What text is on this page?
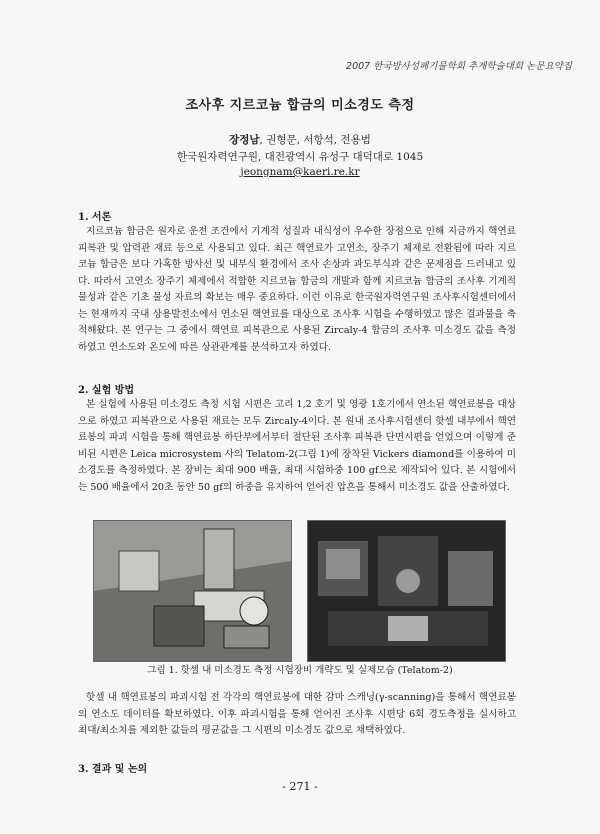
2007 한국방사성폐기물학회 추계학술대회 논문요약집
조사후 지르코늄 합금의 미소경도 측정
장정남, 권형문, 서항석, 전용범
한국원자력연구원, 대전광역시 유성구 대덕대로 1045
jeongnam@kaeri.re.kr
1. 서론
지르코늄 합금은 원자로 운전 조건에서 기계적 성질과 내식성이 우수한 장점으로 인해 지금까지 핵연료 피복관 및 압력관 재료 등으로 사용되고 있다. 최근 핵연료가 고연소, 장주기 체제로 전환됨에 따라 지르코늄 합금은 보다 가혹한 방사선 및 내부식 환경에서 조사 손상과 과도부식과 같은 문제점을 드러내고 있다. 따라서 고연소 장주기 체제에서 적합한 지르코늄 합금의 개발과 함께 지르코늄 합금의 조사후 기계적 물성과 같은 기초 물성 자료의 확보는 매우 중요하다. 이런 이유로 한국원자력연구원 조사후시험센터에서는 현재까지 국내 상용발전소에서 연소된 핵연료를 대상으로 조사후 시험을 수행하였고 많은 결과물을 축적해왔다. 본 연구는 그 중에서 핵연료 피복관으로 사용된 Zircaly-4 합금의 조사후 미소경도 값을 측정하였고 연소도와 온도에 따른 상관관계를 분석하고자 하였다.
2. 실험 방법
본 실험에 사용된 미소경도 측정 시험 시편은 고리 1,2 호기 및 영광 1호기에서 연소된 핵연료봉을 대상으로 하였고 피복관으로 사용된 재료는 모두 Zircaly-4이다. 본 원내 조사후시험센터 핫셀 내부에서 핵연료봉의 파괴 시험을 통해 핵연료봉 하단부에서부터 절단된 조사후 피복관 단면시편을 얻었으며 이렇게 준비된 시편은 Leica microsystem 사의 Telatom-2(그림 1)에 장착된 Vickers diamond를 이용하여 미소경도를 측정하였다. 본 장비는 최대 900 배율, 최대 시험하중 100 gf으로 제작되어 있다. 본 시험에서는 500 배율에서 20초 동안 50 gf의 하중을 유지하여 얻어진 압흔을 통해서 미소경도 값을 산출하였다.
그림 1. 핫셀 내 미소경도 측정 시험장비 개략도 및 실제모습 (Telatom-2)
핫셀 내 핵연료봉의 파괴시험 전 각각의 핵연료봉에 대한 감마 스캐닝(γ-scanning)을 통해서 핵연료봉의 연소도 데이터를 확보하였다. 이후 파괴시험을 통해 얻어진 조사후 시편당 6회 경도측정을 실시하고 최대/최소치를 제외한 값들의 평균값을 그 시편의 미소경도 값으로 채택하였다.
3. 결과 및 논의
- 271 -
